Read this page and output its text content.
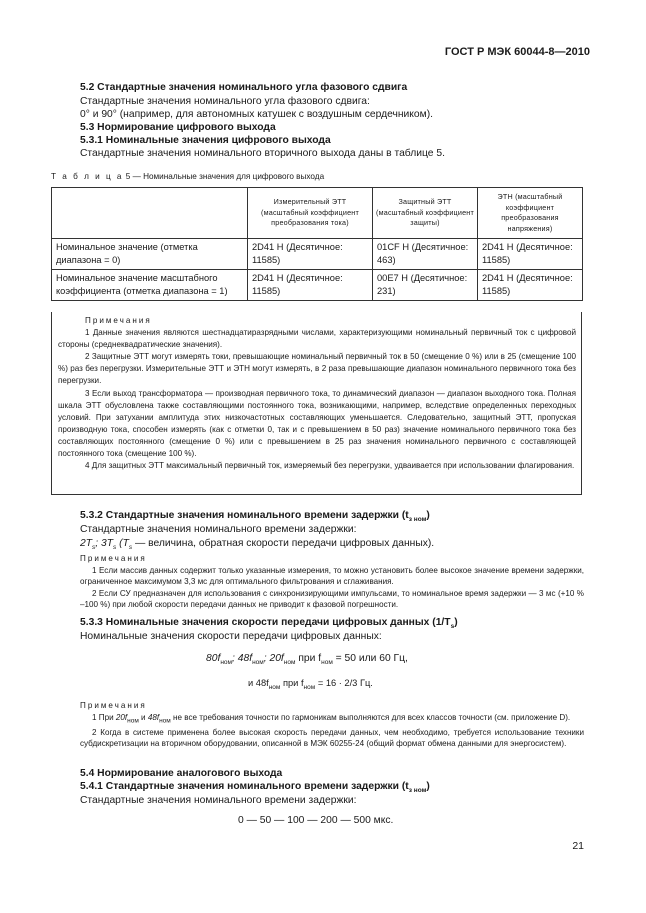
ГОСТ Р МЭК 60044-8—2010
5.2 Стандартные значения номинального угла фазового сдвига
Стандартные значения номинального угла фазового сдвига:
0° и 90° (например, для автономных катушек с воздушным сердечником).
5.3 Нормирование цифрового выхода
5.3.1 Номинальные значения цифрового выхода
Стандартные значения номинального вторичного выхода даны в таблице 5.
Т а б л и ц а 5 — Номинальные значения для цифрового выхода
	Измерительный ЭТТ (масштабный коэффициент преобразования тока)	Защитный ЭТТ (масштабный коэффициент защиты)	ЭТН (масштабный коэффициент преобразования напряжения)
Номинальное значение (отметка диапазона = 0)	2D41 H (Десятичное: 11585)	01CF H (Десятичное: 463)	2D41 H (Десятичное: 11585)
Номинальное значение масштабного коэффициента (отметка диапазона = 1)	2D41 H (Десятичное: 11585)	00E7 H (Десятичное: 231)	2D41 H (Десятичное: 11585)

Примечания

1 Данные значения являются шестнадцатиразрядными числами, характеризующими номинальный первичный ток с цифровой стороны (среднеквадратические значения).

2 Защитные ЭТТ могут измерять токи, превышающие номинальный первичный ток в 50 (смещение 0 %) или в 25 (смещение 100 %) раз без перегрузки. Измерительные ЭТТ и ЭТН могут измерять, в 2 раза превышающие диапазон номинального первичного тока без перегрузки.

3 Если выход трансформатора — производная первичного тока, то динамический диапазон — диапазон выходного тока. Полная шкала ЭТТ обусловлена также составляющими постоянного тока, возникающими, например, вследствие определенных переходных условий. При затухании амплитуда этих низкочастотных составляющих уменьшается. Следовательно, защитный ЭТТ, пропуская производную тока, способен измерять (как с отметки 0, так и с превышением в 50 раз) значение номинального первичного тока без составляющих постоянного (смещение 0 %) или с превышением в 25 раз значения номинального первичного с составляющей постоянного тока (смещение 100 %).

4 Для защитных ЭТТ максимальный первичный ток, измеряемый без перегрузки, удваивается при использовании флагирования.

5.3.2 Стандартные значения номинального времени задержки $(t_{з ном})$
Стандартные значения номинального времени задержки:
$2T_s$; $3T_s$ ($T_s$ — величина, обратная скорости передачи цифровых данных).

Примечания

1 Если массив данных содержит только указанные измерения, то можно установить более высокое значение времени задержки, ограниченное максимумом 3,3 мс для оптимального фильтрования и сглаживания.

2 Если СУ предназначен для использования с синхронизирующими импульсами, то номинальное время задержки — 3 мс (+10 % –100 %) при любой скорости передачи данных не приводит к фазовой погрешности.

5.3.3 Номинальные значения скорости передачи цифровых данных $(1/T_s)$
Номинальные значения скорости передачи цифровых данных:
$80f_{ном}$; $48f_{ном}$; $20f_{ном}$ при $f_{ном} = 50$ или 60 Гц,
и $48f_{ном}$ при $f_{ном} = 16 \cdot 2/3$ Гц.

Примечания

1 При $20f_{ном}$ и $48f_{ном}$ не все требования точности по гармоникам выполняются для всех классов точности (см. приложение D).

2 Когда в системе применена более высокая скорость передачи данных, чем необходимо, требуется использование техники субдискретизации на вторичном оборудовании, описанной в МЭК 60255-24 (общий формат обмена данными для энергосистем).

5.4 Нормирование аналогового выхода
5.4.1 Стандартные значения номинального времени задержки $(t_{з ном})$
Стандартные значения номинального времени задержки:
0 — 50 — 100 — 200 — 500 мкс.
21
